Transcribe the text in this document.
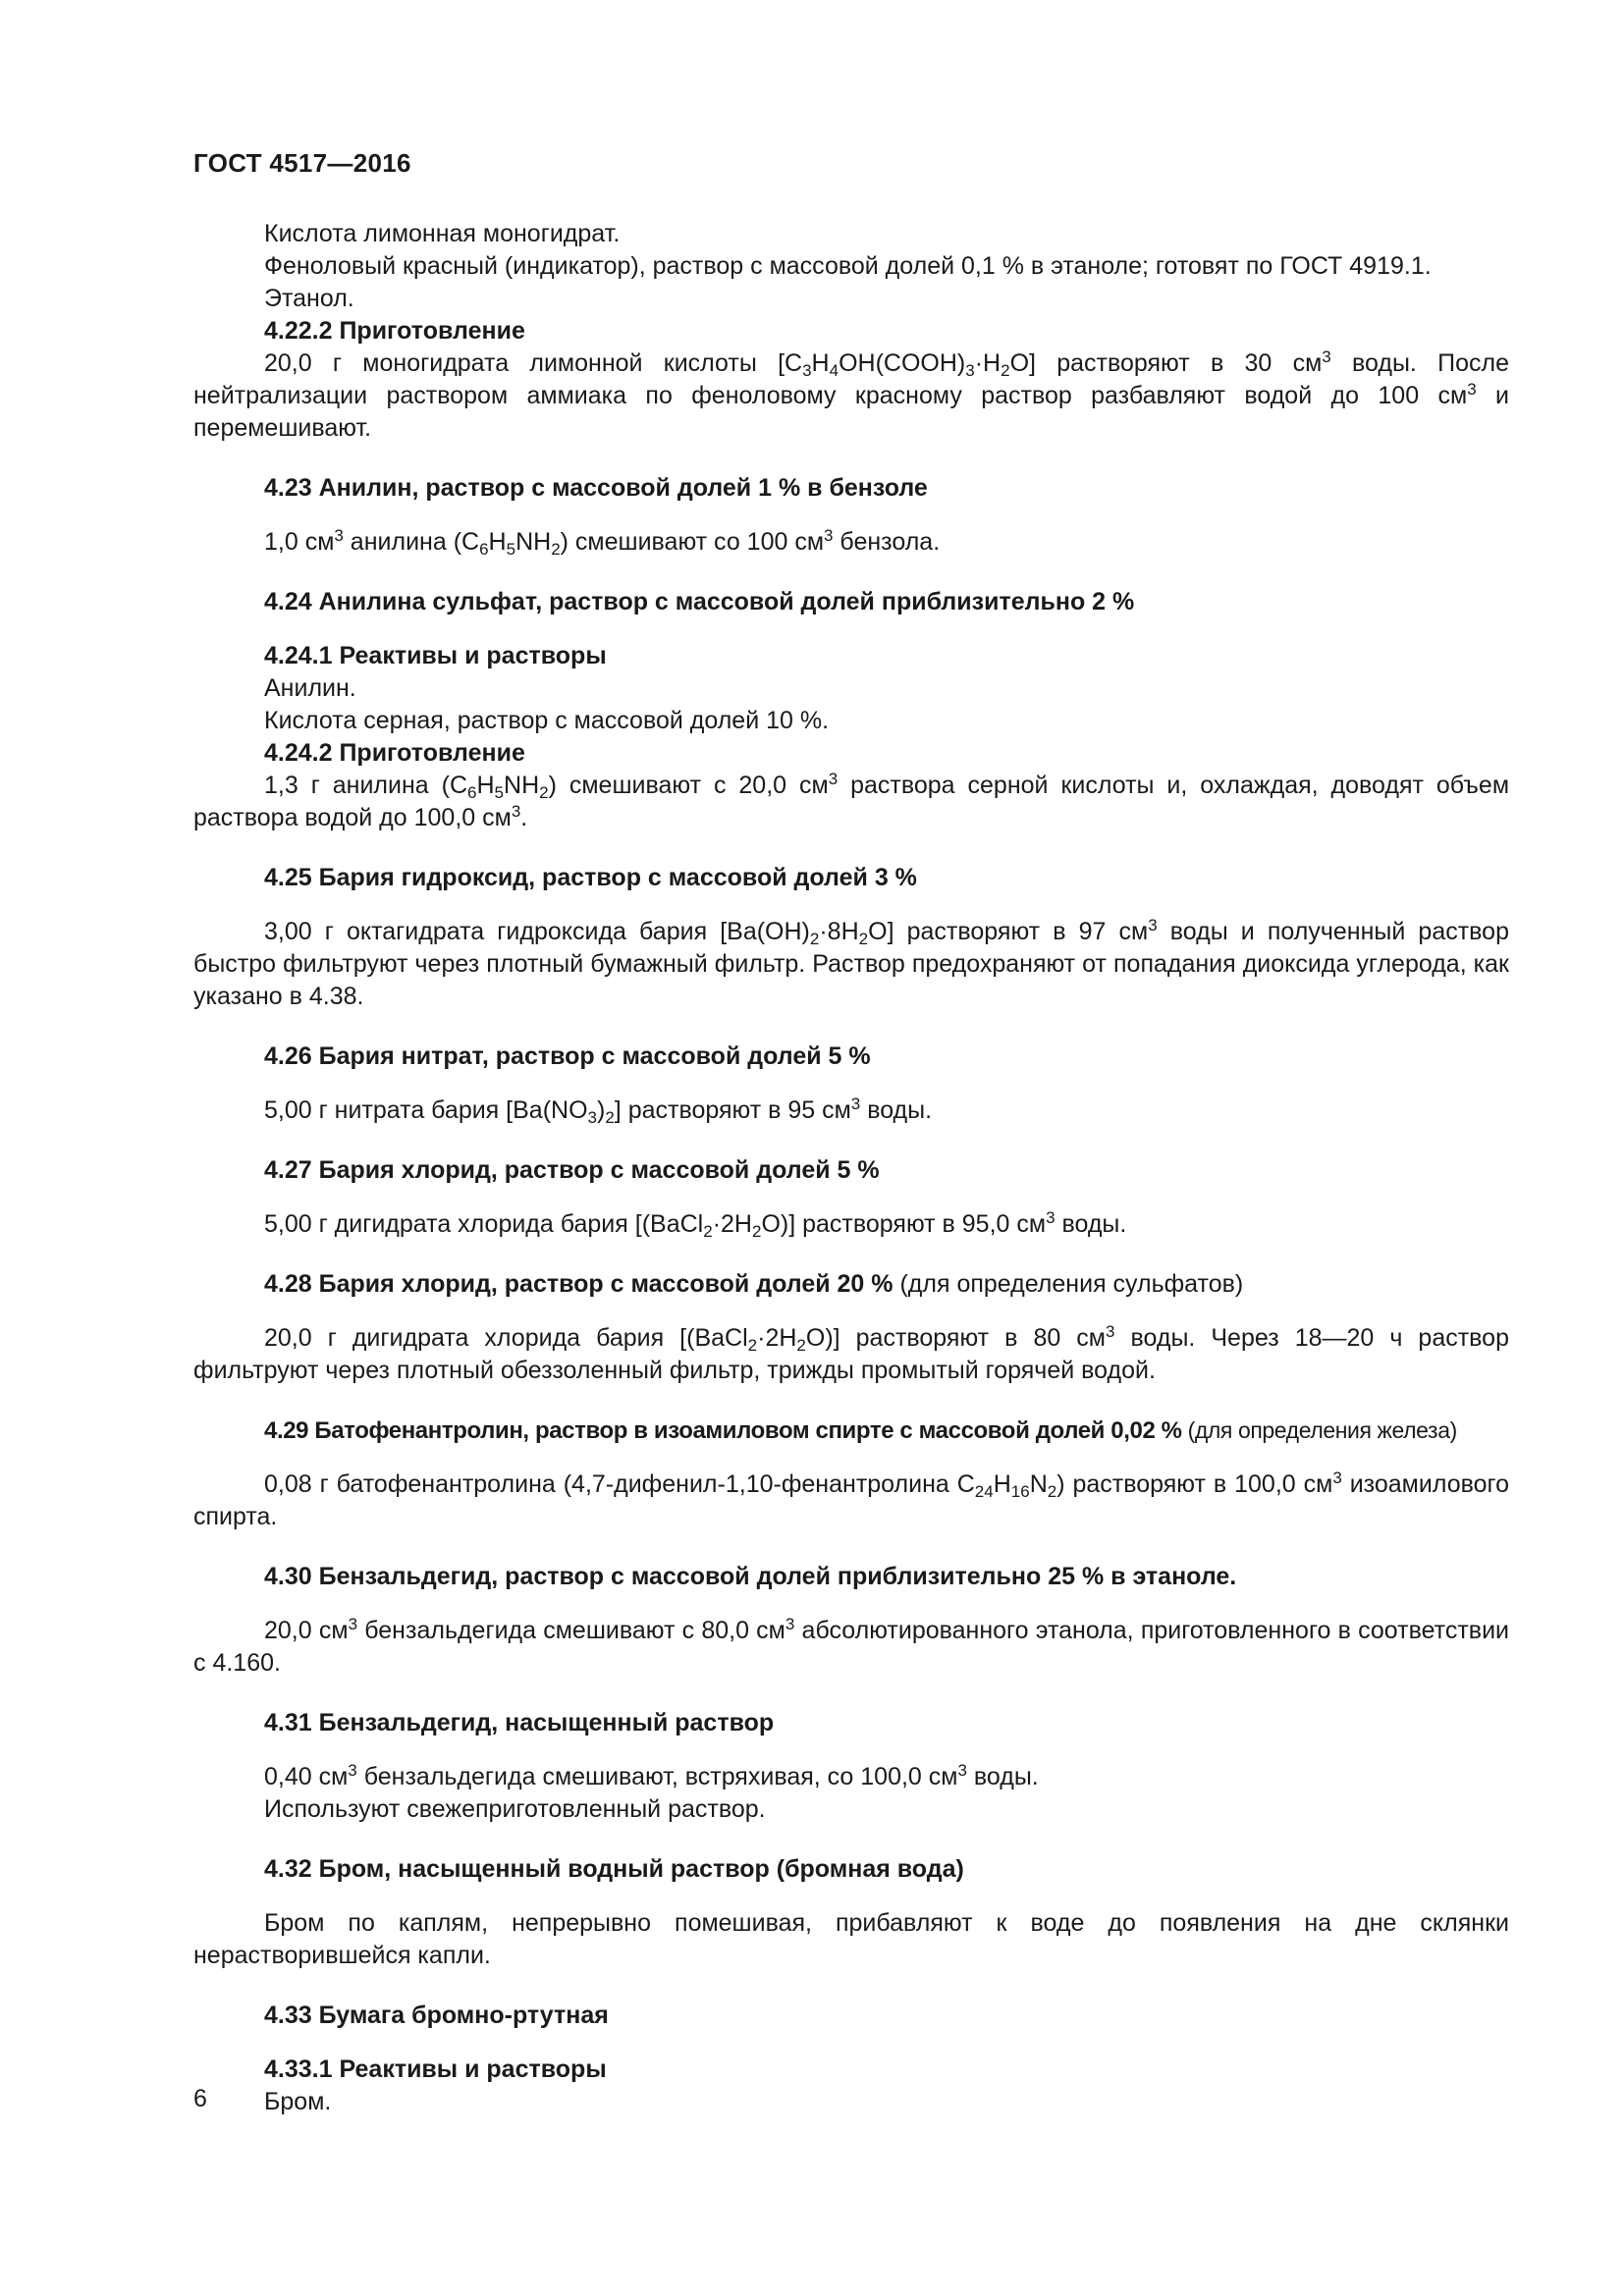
ГОСТ 4517—2016

Кислота лимонная моногидрат.

Феноловый красный (индикатор), раствор с массовой долей 0,1 % в этаноле; готовят по ГОСТ 4919.1.

Этанол.

4.22.2 Приготовление

20,0 г моногидрата лимонной кислоты $[C_3H_4OH(COOH)_3\cdot H_2O]$ растворяют в 30 $см^3$ воды. После нейтрализации раствором аммиака по феноловому красному раствор разбавляют водой до 100 $см^3$ и перемешивают.

4.23 Анилин, раствор с массовой долей 1 % в бензоле

1,0 $см^3$ анилина $(C_6H_5NH_2)$ смешивают со 100 $см^3$ бензола.

4.24 Анилина сульфат, раствор с массовой долей приблизительно 2 %

4.24.1 Реактивы и растворы

Анилин.

Кислота серная, раствор с массовой долей 10 %.

4.24.2 Приготовление

1,3 г анилина $(C_6H_5NH_2)$ смешивают с 20,0 $см^3$ раствора серной кислоты и, охлаждая, доводят объем раствора водой до 100,0 $см^3$.

4.25 Бария гидроксид, раствор с массовой долей 3 %

3,00 г октагидрата гидроксида бария $[Ba(OH)_2\cdot 8H_2O]$ растворяют в 97 $см^3$ воды и полученный раствор быстро фильтруют через плотный бумажный фильтр. Раствор предохраняют от попадания диоксида углерода, как указано в 4.38.

4.26 Бария нитрат, раствор с массовой долей 5 %

5,00 г нитрата бария $[Ba(NO_3)_2]$ растворяют в 95 $см^3$ воды.

4.27 Бария хлорид, раствор с массовой долей 5 %

5,00 г дигидрата хлорида бария $[(BaCl_2\cdot 2H_2O)]$ растворяют в 95,0 $см^3$ воды.

4.28 Бария хлорид, раствор с массовой долей 20 % (для определения сульфатов)

20,0 г дигидрата хлорида бария $[(BaCl_2\cdot 2H_2O)]$ растворяют в 80 $см^3$ воды. Через 18—20 ч раствор фильтруют через плотный обеззоленный фильтр, трижды промытый горячей водой.

4.29 Батофенантролин, раствор в изоамиловом спирте с массовой долей 0,02 % (для определения железа)

0,08 г батофенантролина (4,7-дифенил-1,10-фенантролина $C_{24}H_{16}N_2$) растворяют в 100,0 $см^3$ изоамилового спирта.

4.30 Бензальдегид, раствор с массовой долей приблизительно 25 % в этаноле.

20,0 $см^3$ бензальдегида смешивают с 80,0 $см^3$ абсолютированного этанола, приготовленного в соответствии с 4.160.

4.31 Бензальдегид, насыщенный раствор

0,40 $см^3$ бензальдегида смешивают, встряхивая, со 100,0 $см^3$ воды.

Используют свежеприготовленный раствор.

4.32 Бром, насыщенный водный раствор (бромная вода)

Бром по каплям, непрерывно помешивая, прибавляют к воде до появления на дне склянки нерастворившейся капли.

4.33 Бумага бромно-ртутная

4.33.1 Реактивы и растворы

Бром.

6
